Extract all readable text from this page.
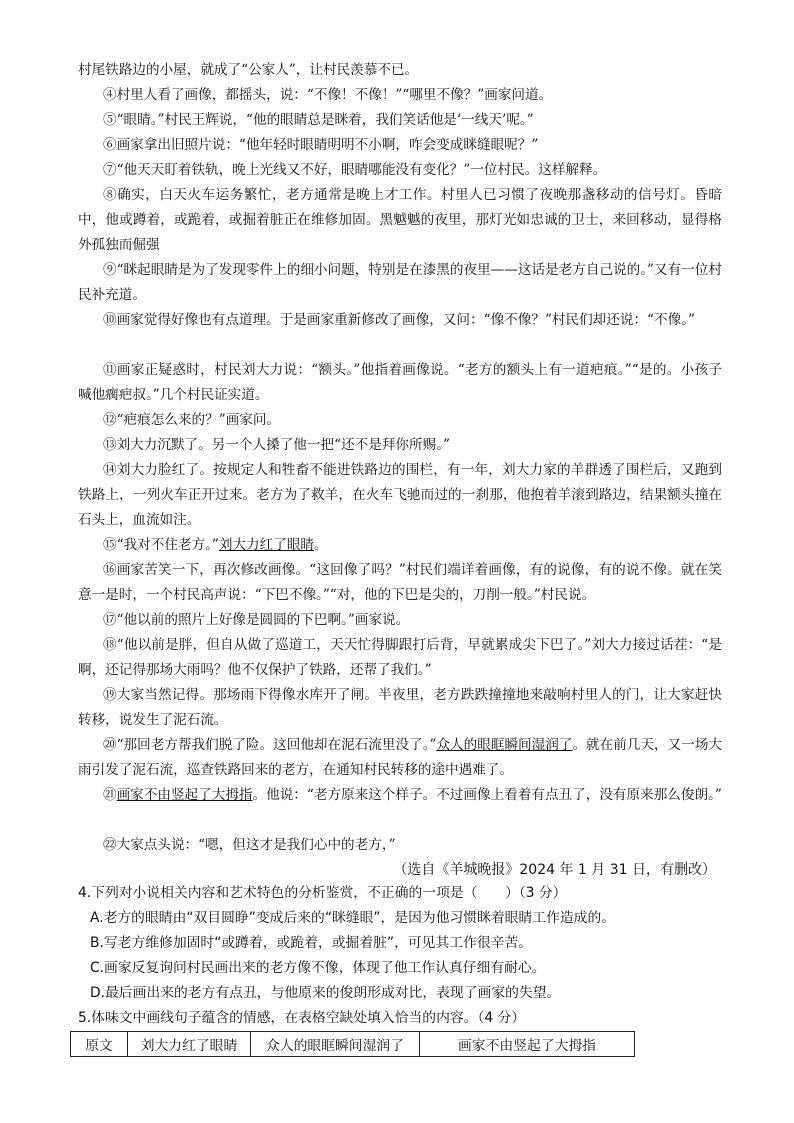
村尾铁路边的小屋，就成了“公家人”，让村民羡慕不已。

④村里人看了画像，都摇头，说：“不像！不像！”“哪里不像？”画家问道。

⑤“眼睛。”村民王辉说，“他的眼睛总是眯着，我们笑话他是‘一线天’呢。”

⑥画家拿出旧照片说：“他年轻时眼睛明明不小啊，咋会变成眯缝眼呢？”

⑦“他天天盯着铁轨，晚上光线又不好，眼睛哪能没有变化？”一位村民。这样解释。

⑧确实，白天火车运务繁忙，老方通常是晚上才工作。村里人已习惯了夜晚那盏移动的信号灯。昏暗中，他或蹲着，或跪着，或掘着脏正在维修加固。黑魆魆的夜里，那灯光如忠诚的卫士，来回移动，显得格外孤独而倔强

⑨“眯起眼睛是为了发现零件上的细小问题，特别是在漆黑的夜里——这话是老方自己说的。”又有一位村民补充道。

⑩画家觉得好像也有点道理。于是画家重新修改了画像，又问：“像不像？”村民们却还说：“不像。”

⑪画家正疑惑时，村民刘大力说：“额头。”他指着画像说。“老方的额头上有一道疤痕。”“是的。小孩子喊他瘸疤叔。”几个村民证实道。

⑫“疤痕怎么来的？”画家问。

⑬刘大力沉默了。另一个人搡了他一把“还不是拜你所赐。”

⑭刘大力脸红了。按规定人和牲畜不能进铁路边的围栏，有一年，刘大力家的羊群透了围栏后，又跑到铁路上，一列火车正开过来。老方为了救羊，在火车飞驰而过的一刹那，他抱着羊滚到路边，结果额头撞在石头上，血流如注。

⑮“我对不住老方。”刘大力红了眼睛。

⑯画家苦笑一下，再次修改画像。“这回像了吗？”村民们端详着画像，有的说像，有的说不像。就在笑意一是时，一个村民高声说：“下巴不像。”“对，他的下巴是尖的，刀削一般。”村民说。

⑰“他以前的照片上好像是圆圆的下巴啊。”画家说。

⑱“他以前是胖，但自从做了巡道工，天天忙得脚跟打后背，早就累成尖下巴了。”刘大力接过话茬：“是啊，还记得那场大雨吗？他不仅保护了铁路，还帮了我们。”

⑲大家当然记得。那场雨下得像水库开了闸。半夜里，老方跌跌撞撞地来敲响村里人的门，让大家赶快转移，说发生了泥石流。

⑳“那回老方帮我们脱了险。这回他却在泥石流里没了。”众人的眼眶瞬间湿润了。就在前几天，又一场大雨引发了泥石流，巡查铁路回来的老方，在通知村民转移的途中遇难了。

㉑画家不由竖起了大拇指。他说：“老方原来这个样子。不过画像上看着有点丑了，没有原来那么俊朗。”

㉒大家点头说：“嗯，但这才是我们心中的老方，”

（选自《羊城晚报》2024 年 1 月 31 日，有删改）

4.下列对小说相关内容和艺术特色的分析鉴赏，不正确的一项是（　　）（3 分）

A.老方的眼睛由“双目圆睁”变成后来的“眯缝眼”，是因为他习惯眯着眼睛工作造成的。

B.写老方维修加固时“或蹲着，或跪着，或掘着脏”，可见其工作很辛苦。

C.画家反复询问村民画出来的老方像不像，体现了他工作认真仔细有耐心。

D.最后画出来的老方有点丑，与他原来的俊朗形成对比，表现了画家的失望。

5.体味文中画线句子蕴含的情感，在表格空缺处填入恰当的内容。（4 分）

原文	刘大力红了眼睛	众人的眼眶瞬间湿润了	画家不由竖起了大拇指
